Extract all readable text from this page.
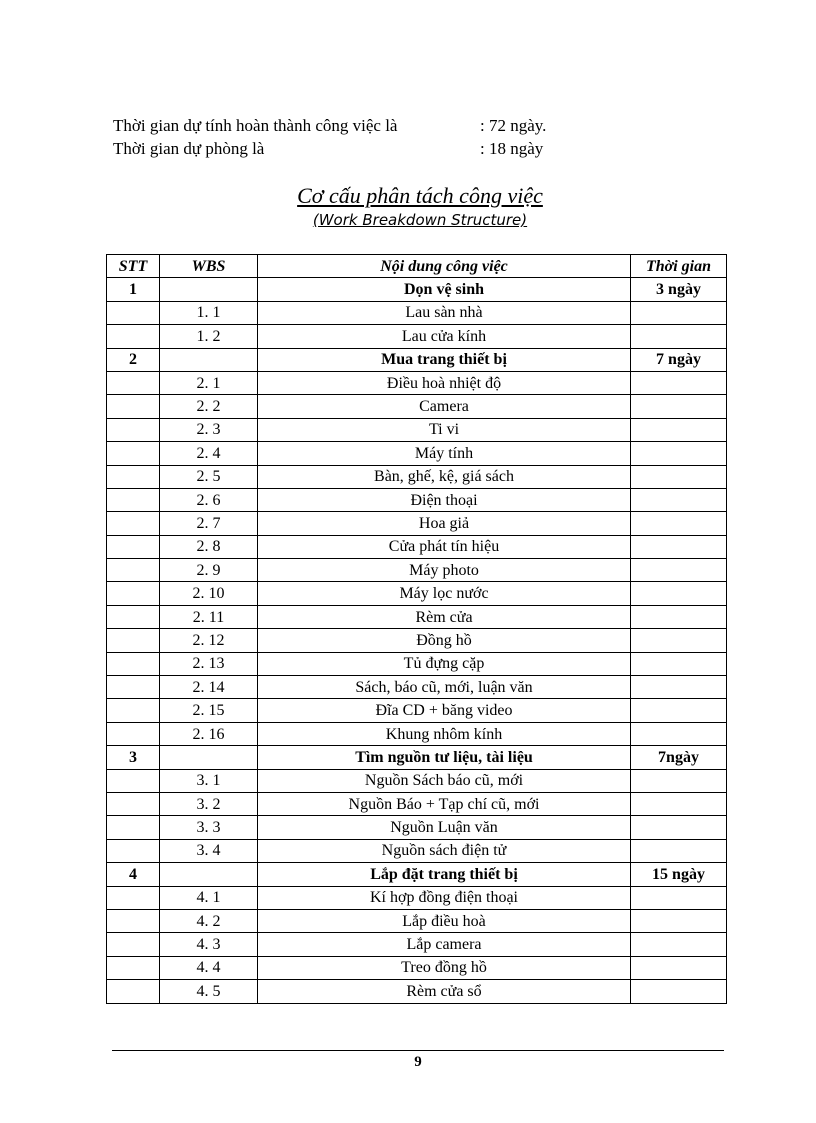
Thời gian dự tính hoàn thành công việc là	: 72 ngày.
Thời gian dự phòng là	: 18 ngày
Cơ cấu phân tách công việc
(Work Breakdown Structure)
STT	WBS	Nội dung công việc	Thời gian
1		Dọn vệ sinh	3 ngày
	1. 1	Lau sàn nhà	
	1. 2	Lau cửa kính	
2		Mua trang thiết bị	7 ngày
	2. 1	Điều hoà nhiệt độ	
	2. 2	Camera	
	2. 3	Ti vi	
	2. 4	Máy tính	
	2. 5	Bàn, ghế, kệ, giá sách	
	2. 6	Điện thoại	
	2. 7	Hoa giả	
	2. 8	Cửa phát tín hiệu	
	2. 9	Máy photo	
	2. 10	Máy lọc nước	
	2. 11	Rèm cửa	
	2. 12	Đồng hồ	
	2. 13	Tủ đựng cặp	
	2. 14	Sách, báo cũ, mới, luận văn	
	2. 15	Đĩa CD + băng video	
	2. 16	Khung nhôm kính	
3		Tìm nguồn tư liệu, tài liệu	7ngày
	3. 1	Nguồn Sách báo cũ, mới	
	3. 2	Nguồn Báo + Tạp chí cũ, mới	
	3. 3	Nguồn Luận văn	
	3. 4	Nguồn sách điện tử	
4		Lắp đặt trang thiết bị	15 ngày
	4. 1	Kí hợp đồng điện thoại	
	4. 2	Lắp điều hoà	
	4. 3	Lắp camera	
	4. 4	Treo đồng hồ	
	4. 5	Rèm cửa sổ	
9
